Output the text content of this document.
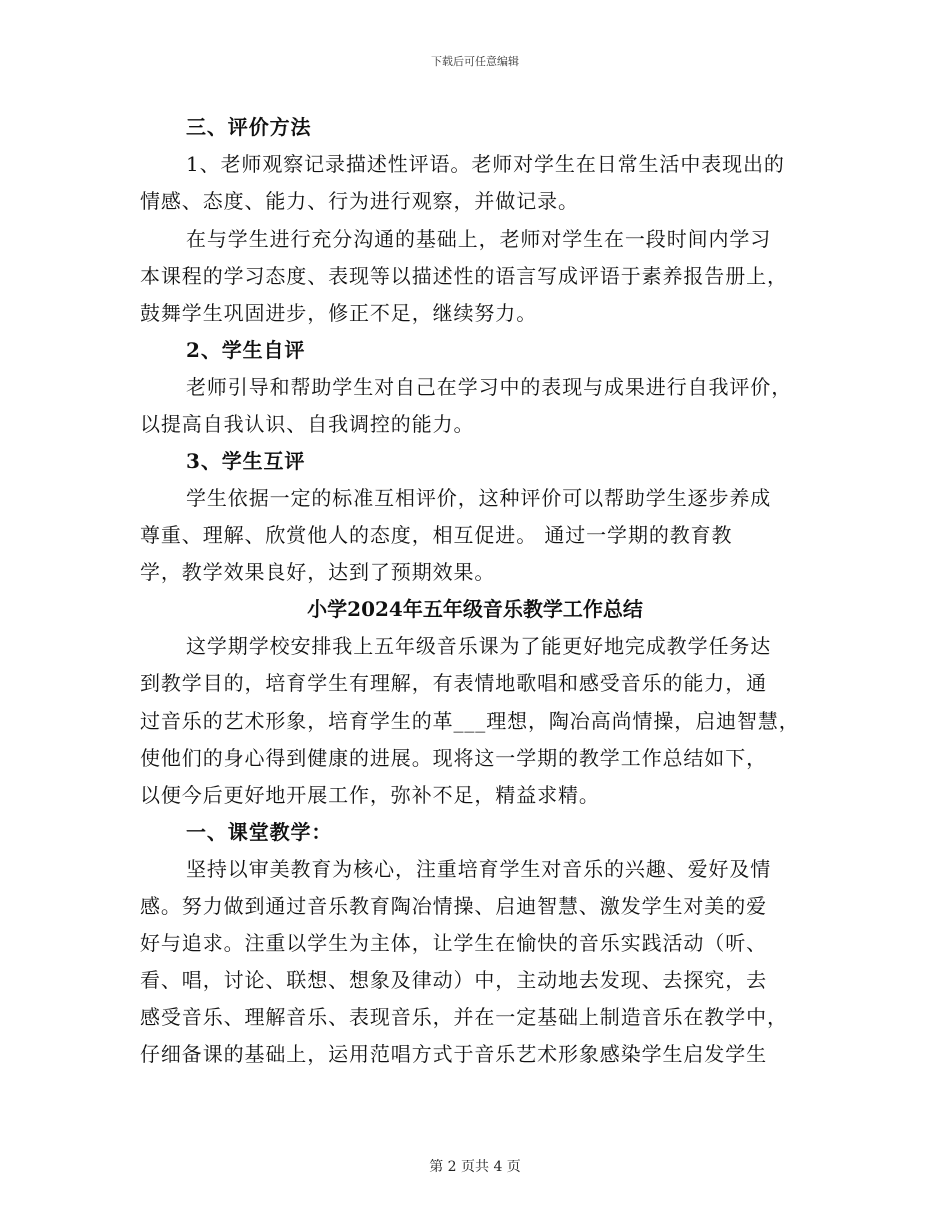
下载后可任意编辑
三、评价方法
1、老师观察记录描述性评语。老师对学生在日常生活中表现出的
情感、态度、能力、行为进行观察，并做记录。
在与学生进行充分沟通的基础上，老师对学生在一段时间内学习
本课程的学习态度、表现等以描述性的语言写成评语于素养报告册上，
鼓舞学生巩固进步，修正不足，继续努力。
2、学生自评
老师引导和帮助学生对自己在学习中的表现与成果进行自我评价，
以提高自我认识、自我调控的能力。
3、学生互评
学生依据一定的标准互相评价，这种评价可以帮助学生逐步养成
尊重、理解、欣赏他人的态度，相互促进。 通过一学期的教育教
学，教学效果良好，达到了预期效果。
小学2024年五年级音乐教学工作总结
这学期学校安排我上五年级音乐课为了能更好地完成教学任务达
到教学目的，培育学生有理解，有表情地歌唱和感受音乐的能力，通
过音乐的艺术形象，培育学生的革___理想，陶冶高尚情操，启迪智慧，
使他们的身心得到健康的进展。现将这一学期的教学工作总结如下，
以便今后更好地开展工作，弥补不足，精益求精。
一、课堂教学：
坚持以审美教育为核心，注重培育学生对音乐的兴趣、爱好及情
感。努力做到通过音乐教育陶冶情操、启迪智慧、激发学生对美的爱
好与追求。注重以学生为主体，让学生在愉快的音乐实践活动（听、
看、唱，讨论、联想、想象及律动）中，主动地去发现、去探究，去
感受音乐、理解音乐、表现音乐，并在一定基础上制造音乐在教学中，
仔细备课的基础上，运用范唱方式于音乐艺术形象感染学生启发学生
第 2 页共 4 页
